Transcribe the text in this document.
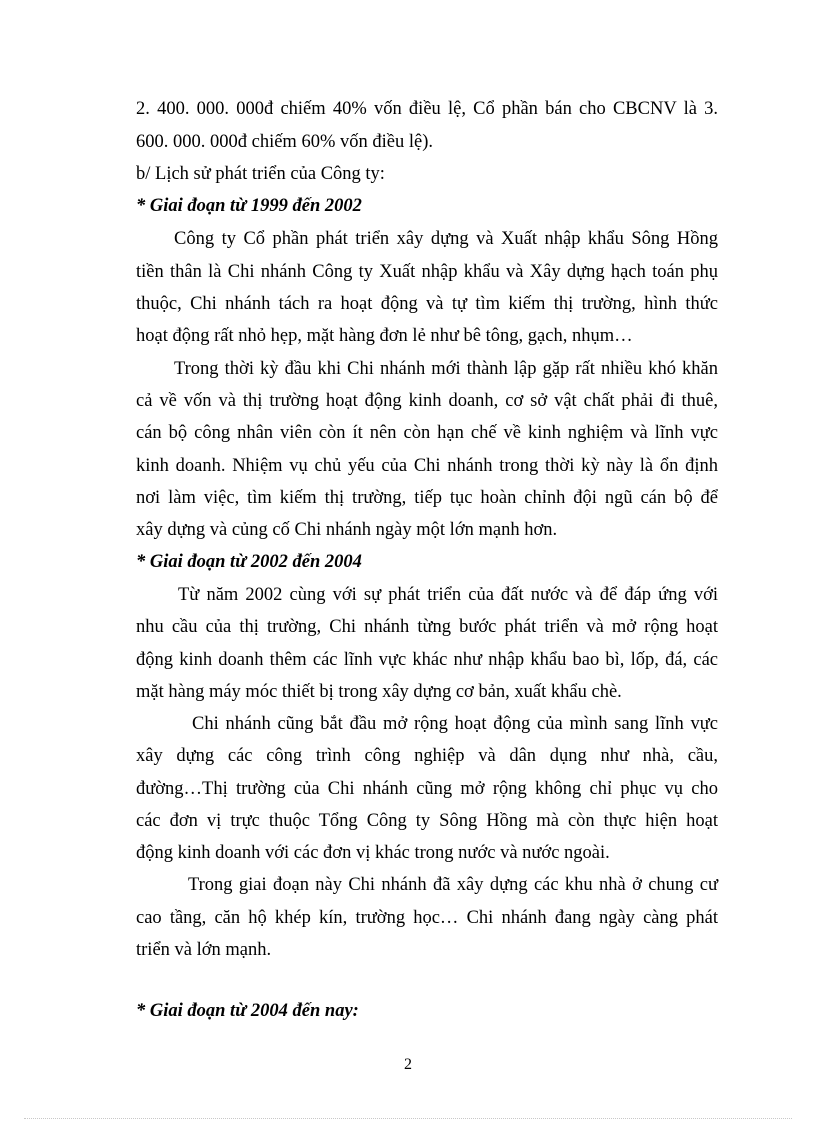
2. 400. 000. 000đ chiếm 40% vốn điều lệ, Cổ phần bán cho CBCNV là 3.
600. 000. 000đ chiếm 60% vốn điều lệ).
b/ Lịch sử phát triển của Công ty:
* Giai đoạn từ 1999 đến 2002
Công ty Cổ phần phát triển xây dựng và Xuất nhập khẩu Sông Hồng
tiền thân là Chi nhánh Công ty Xuất nhập khẩu và Xây dựng hạch toán phụ
thuộc, Chi nhánh tách ra hoạt động và tự tìm kiếm thị trường, hình thức
hoạt động rất nhỏ hẹp, mặt hàng đơn lẻ như bê tông, gạch, nhụm…
Trong thời kỳ đầu khi Chi nhánh mới thành lập gặp rất nhiều khó khăn
cả về vốn và thị trường hoạt động kinh doanh, cơ sở vật chất phải đi thuê,
cán bộ công nhân viên còn ít nên còn hạn chế về kinh nghiệm và lĩnh vực
kinh doanh. Nhiệm vụ chủ yếu của Chi nhánh trong thời kỳ này là ổn định
nơi làm việc, tìm kiếm thị trường, tiếp tục hoàn chỉnh đội ngũ cán bộ để
xây dựng và củng cố Chi nhánh ngày một lớn mạnh hơn.
* Giai đoạn từ 2002 đến 2004
Từ năm 2002 cùng với sự phát triển của đất nước và để đáp ứng với
nhu cầu của thị trường, Chi nhánh từng bước phát triển và mở rộng hoạt
động kinh doanh thêm các lĩnh vực khác như nhập khẩu bao bì, lốp, đá, các
mặt hàng máy móc thiết bị trong xây dựng cơ bản, xuất khẩu chè.
Chi nhánh cũng bắt đầu mở rộng hoạt động của mình sang lĩnh vực
xây dựng các công trình công nghiệp và dân dụng như nhà, cầu,
đường…Thị trường của Chi nhánh cũng mở rộng không chỉ phục vụ cho
các đơn vị trực thuộc Tổng Công ty Sông Hồng mà còn thực hiện hoạt
động kinh doanh với các đơn vị khác trong nước và nước ngoài.
Trong giai đoạn này Chi nhánh đã xây dựng các khu nhà ở chung cư
cao tầng, căn hộ khép kín, trường học… Chi nhánh đang ngày càng phát
triển và lớn mạnh.
* Giai đoạn từ 2004 đến nay:
2
